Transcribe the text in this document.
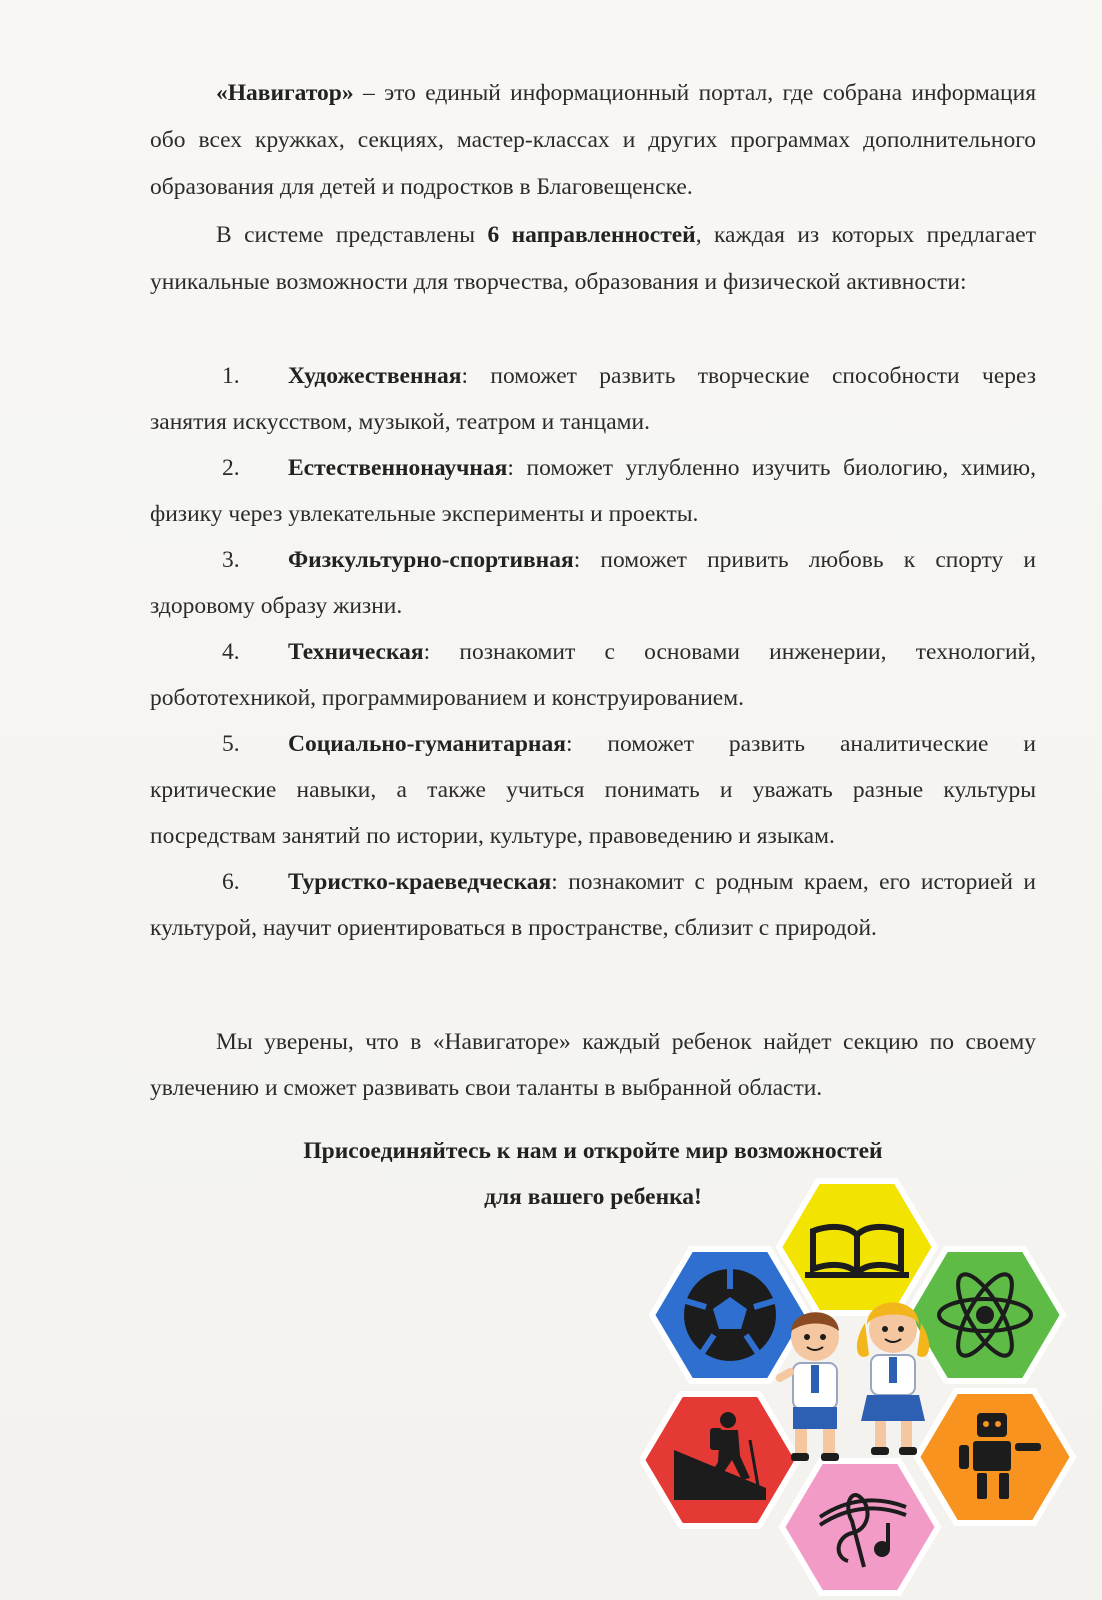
«Навигатор» – это единый информационный портал, где собрана информация обо всех кружках, секциях, мастер-классах и других программах дополнительного образования для детей и подростков в Благовещенске.

В системе представлены 6 направленностей, каждая из которых предлагает уникальные возможности для творчества, образования и физической активности:

1. Художественная: поможет развить творческие способности через занятия искусством, музыкой, театром и танцами.

2. Естественнонаучная: поможет углубленно изучить биологию, химию, физику через увлекательные эксперименты и проекты.

3. Физкультурно-спортивная: поможет привить любовь к спорту и здоровому образу жизни.

4. Техническая: познакомит с основами инженерии, технологий, робототехникой, программированием и конструированием.

5. Социально-гуманитарная: поможет развить аналитические и критические навыки, а также учиться понимать и уважать разные культуры посредствам занятий по истории, культуре, правоведению и языкам.

6. Туристко-краеведческая: познакомит с родным краем, его историей и культурой, научит ориентироваться в пространстве, сблизит с природой.

Мы уверены, что в «Навигаторе» каждый ребенок найдет секцию по своему увлечению и сможет развивать свои таланты в выбранной области.

Присоединяйтесь к нам и откройте мир возможностей
для вашего ребенка!
